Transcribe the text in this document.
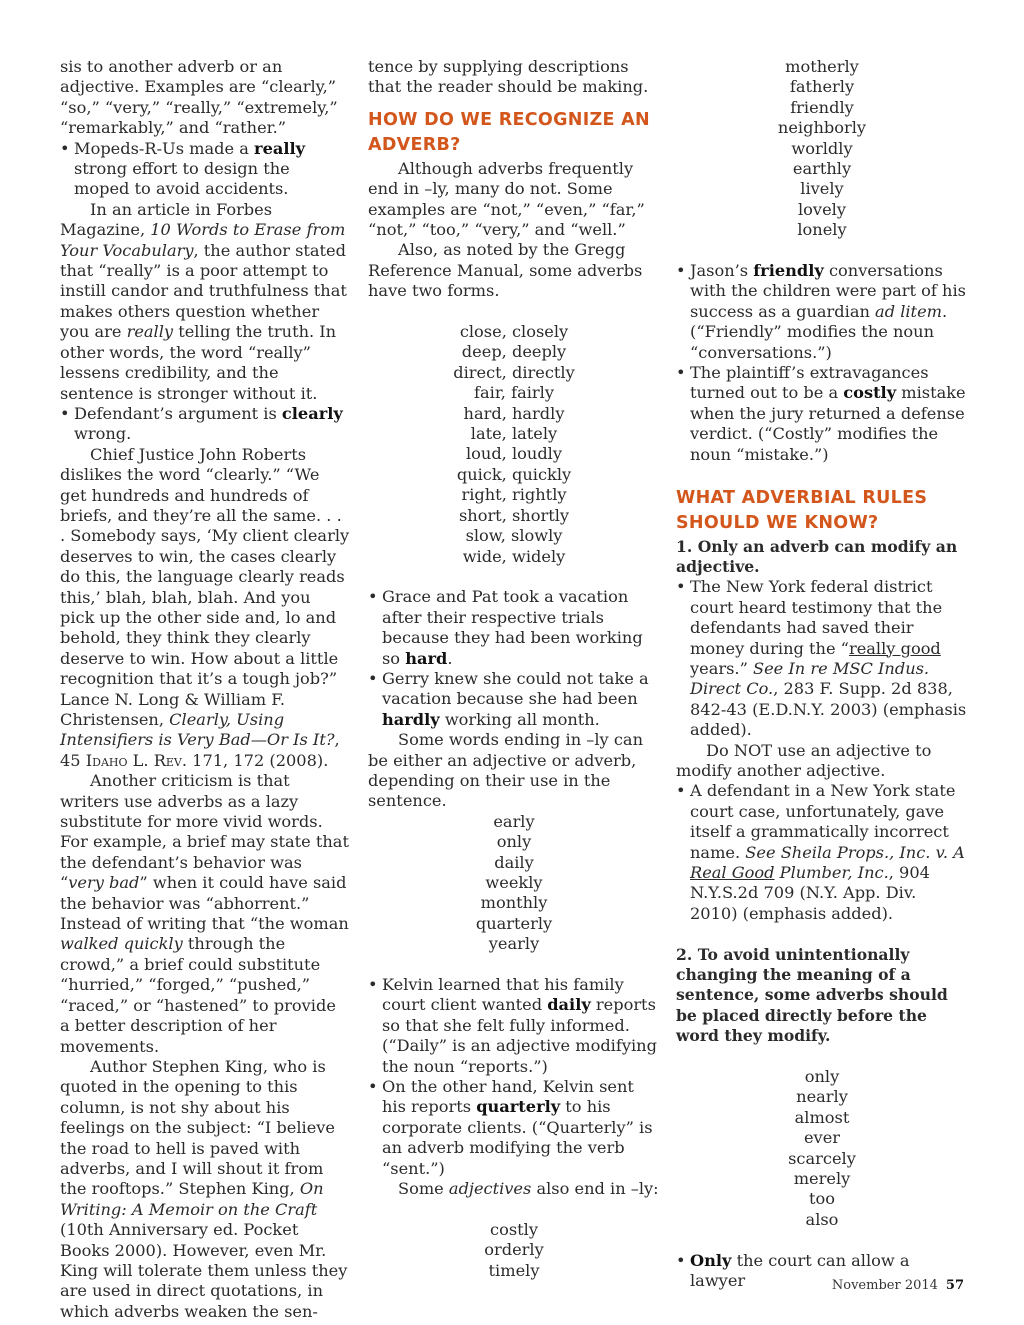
sis to another adverb or an adjective. Examples are “clearly,” “so,” “very,” “really,” “extremely,” “remarkably,” and “rather.”

• Mopeds-R-Us made a really strong effort to design the moped to avoid accidents.

In an article in Forbes Magazine, 10 Words to Erase from Your Vocabulary, the author stated that “really” is a poor attempt to instill candor and truthfulness that makes others question whether you are really telling the truth. In other words, the word “really” lessens credibility, and the sentence is stronger without it.

• Defendant’s argument is clearly wrong.

Chief Justice John Roberts dislikes the word “clearly.” “We get hundreds and hundreds of briefs, and they’re all the same. . . . Somebody says, ‘My client clearly deserves to win, the cases clearly do this, the language clearly reads this,’ blah, blah, blah. And you pick up the other side and, lo and behold, they think they clearly deserve to win. How about a little recognition that it’s a tough job?” Lance N. Long & William F. Christensen, Clearly, Using Intensifiers is Very Bad—Or Is It?, 45 Idaho L. Rev. 171, 172 (2008).

Another criticism is that writers use adverbs as a lazy substitute for more vivid words. For example, a brief may state that the defendant’s behavior was “very bad” when it could have said the behavior was “abhorrent.” Instead of writing that “the woman walked quickly through the crowd,” a brief could substitute “hurried,” “forged,” “pushed,” “raced,” or “hastened” to provide a better description of her movements.

Author Stephen King, who is quoted in the opening to this column, is not shy about his feelings on the subject: “I believe the road to hell is paved with adverbs, and I will shout it from the rooftops.” Stephen King, On Writing: A Memoir on the Craft (10th Anniversary ed. Pocket Books 2000). However, even Mr. King will tolerate them unless they are used in direct quotations, in which adverbs weaken the sen-

tence by supplying descriptions that the reader should be making.

HOW DO WE RECOGNIZE AN ADVERB?

Although adverbs frequently end in –ly, many do not. Some examples are “not,” “even,” “far,” “not,” “too,” “very,” and “well.”

Also, as noted by the Gregg Reference Manual, some adverbs have two forms.

close, closely
deep, deeply
direct, directly
fair, fairly
hard, hardly
late, lately
loud, loudly
quick, quickly
right, rightly
short, shortly
slow, slowly
wide, widely

• Grace and Pat took a vacation after their respective trials because they had been working so hard.

• Gerry knew she could not take a vacation because she had been hardly working all month.

Some words ending in –ly can be either an adjective or adverb, depending on their use in the sentence.

early
only
daily
weekly
monthly
quarterly
yearly

• Kelvin learned that his family court client wanted daily reports so that she felt fully informed. (“Daily” is an adjective modifying the noun “reports.”)

• On the other hand, Kelvin sent his reports quarterly to his corporate clients. (“Quarterly” is an adverb modifying the verb “sent.”)

Some adjectives also end in –ly:

costly
orderly
timely
motherly
fatherly
friendly
neighborly
worldly
earthly
lively
lovely
lonely

• Jason’s friendly conversations with the children were part of his success as a guardian ad litem. (“Friendly” modifies the noun “conversations.”)

• The plaintiff’s extravagances turned out to be a costly mistake when the jury returned a defense verdict. (“Costly” modifies the noun “mistake.”)

WHAT ADVERBIAL RULES SHOULD WE KNOW?

1. Only an adverb can modify an adjective.

• The New York federal district court heard testimony that the defendants had saved their money during the “really good years.” See In re MSC Indus. Direct Co., 283 F. Supp. 2d 838, 842-43 (E.D.N.Y. 2003) (emphasis added).

Do NOT use an adjective to modify another adjective.

• A defendant in a New York state court case, unfortunately, gave itself a grammatically incorrect name. See Sheila Props., Inc. v. A Real Good Plumber, Inc., 904 N.Y.S.2d 709 (N.Y. App. Div. 2010) (emphasis added).

2. To avoid unintentionally changing the meaning of a sentence, some adverbs should be placed directly before the word they modify.

only
nearly
almost
ever
scarcely
merely
too
also

• Only the court can allow a lawyer	November 2014 57
